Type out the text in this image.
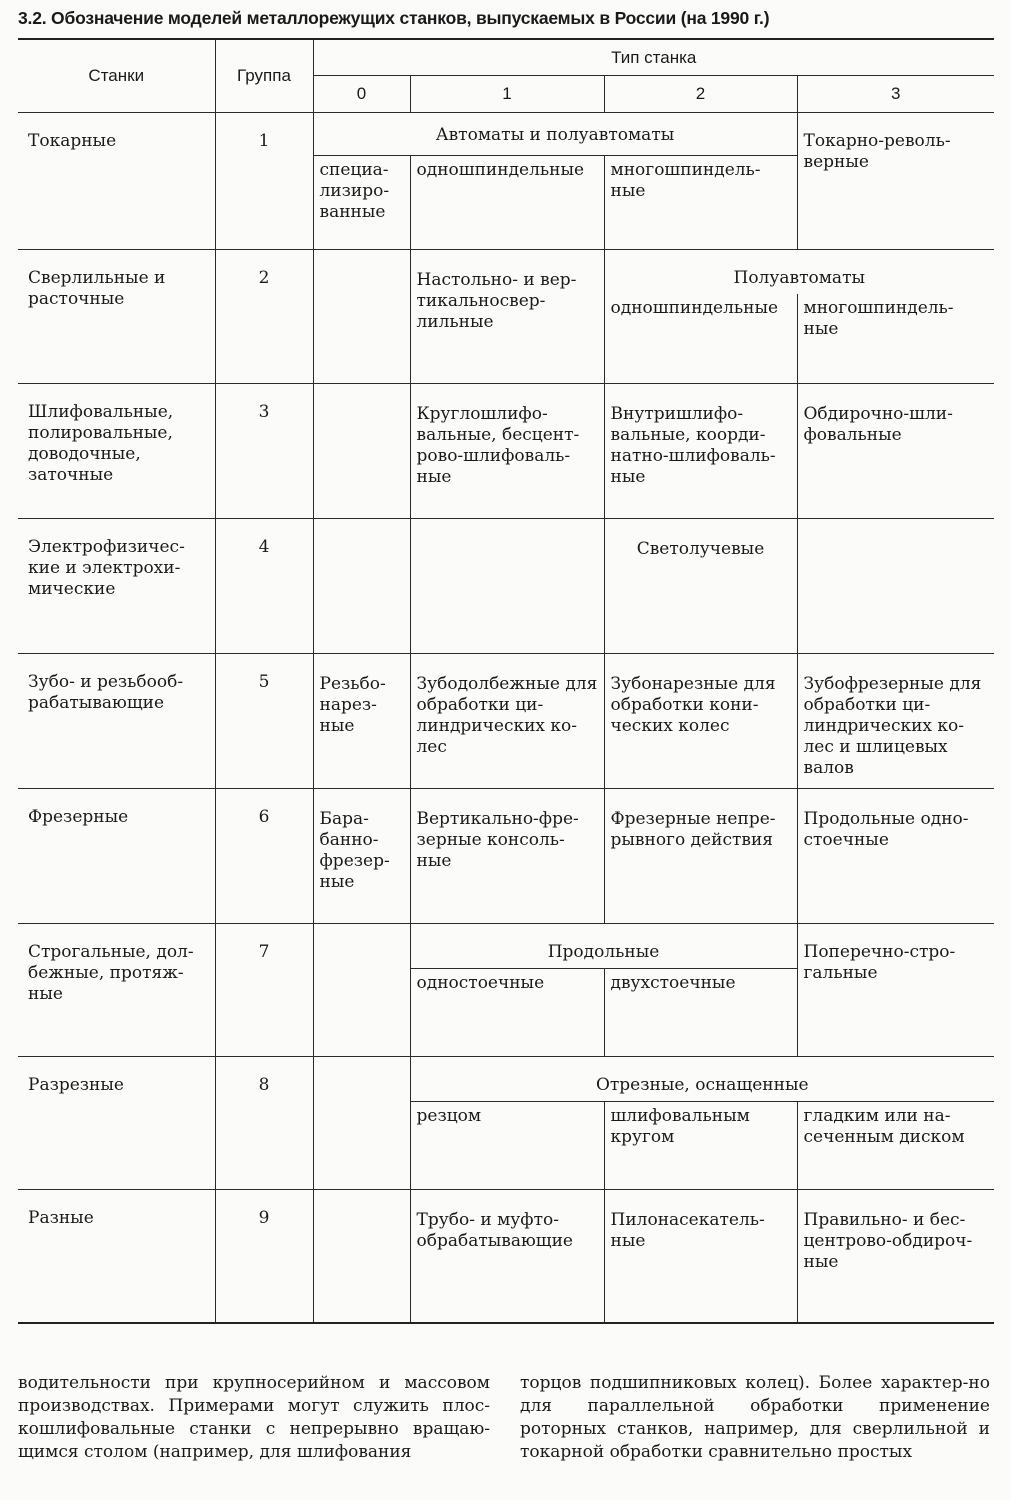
3.2. Обозначение моделей металлорежущих станков, выпускаемых в России (на 1990 г.)
Станки	Группа	Тип станка			
		0	1	2	3
Токарные	1	Автоматы и полуавтоматы			Токарно-револь-верные
		специа-лизиро-ванные	одношпиндельные	многошпиндель-ные	
Сверлильные и расточные	2		Настольно- и вер-тикальносвер-лильные	Полуавтоматы	
				одношпиндельные	многошпиндель-ные
Шлифовальные, полировальные, доводочные, заточные	3		Круглошлифо-вальные, бесцент-рово-шлифоваль-ные	Внутришлифо-вальные, коорди-натно-шлифоваль-ные	Обдирочно-шли-фовальные
Электрофизичес-кие и электрохи-мические	4			Светолучевые	
Зубо- и резьбооб-рабатывающие	5	Резьбо-нарез-ные	Зубодолбежные для обработки ци-линдрических ко-лес	Зубонарезные для обработки кони-ческих колес	Зубофрезерные для обработки ци-линдрических ко-лес и шлицевых валов
Фрезерные	6	Бара-банно-фрезер-ные	Вертикально-фре-зерные консоль-ные	Фрезерные непре-рывного действия	Продольные одно-стоечные
Строгальные, дол-бежные, протяж-ные	7		Продольные		Поперечно-стро-гальные
			одностоечные	двухстоечные	
Разрезные	8		Отрезные, оснащенные		
			резцом	шлифовальным кругом	гладким или на-сеченным диском
Разные	9		Трубо- и муфто-обрабатывающие	Пилонасекатель-ные	Правильно- и бес-центрово-обдироч-ные
водительности при крупносерийном и массовом производствах. Примерами могут служить плос-кошлифовальные станки с непрерывно вращаю-щимся столом (например, для шлифования
торцов подшипниковых колец). Более характер-но для параллельной обработки применение роторных станков, например, для сверлильной и токарной обработки сравнительно простых
